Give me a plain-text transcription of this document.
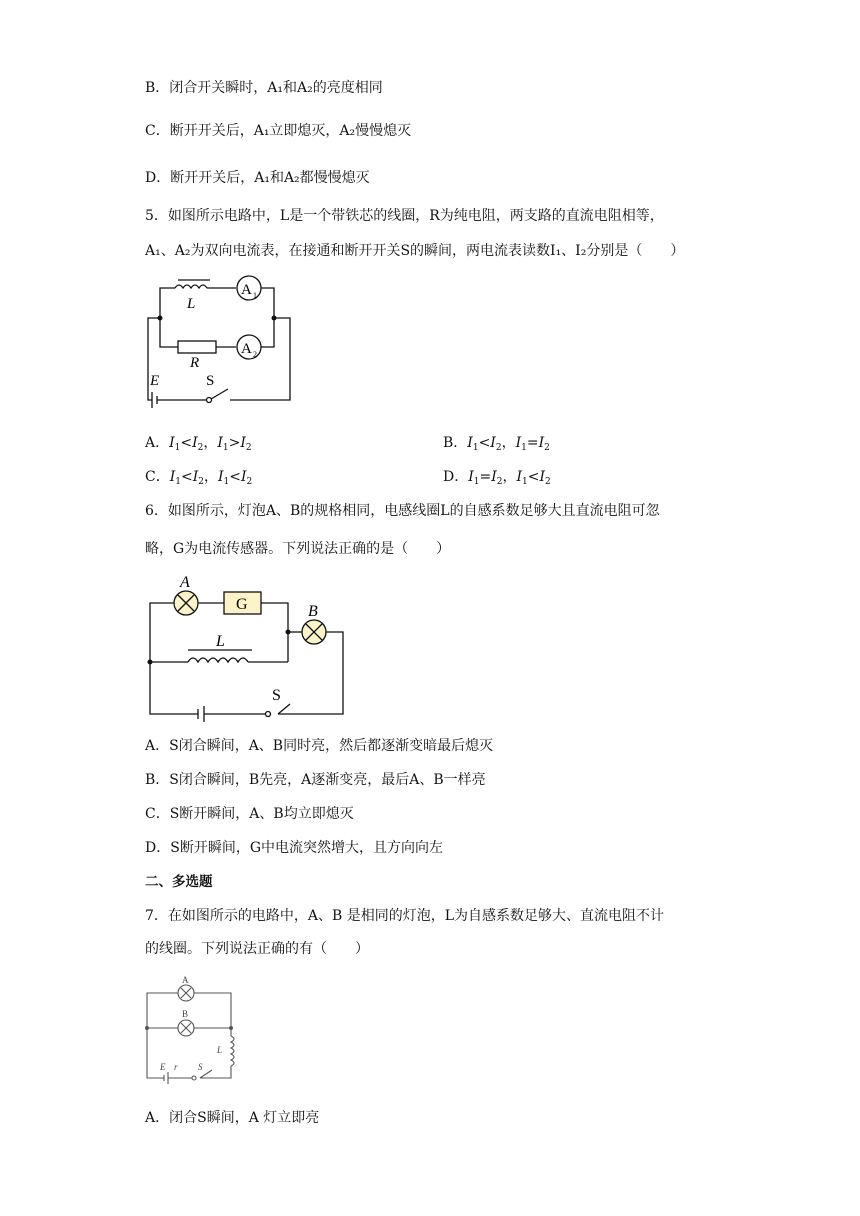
B．闭合开关瞬时，A₁和A₂的亮度相同
C．断开开关后，A₁立即熄灭，A₂慢慢熄灭
D．断开开关后，A₁和A₂都慢慢熄灭
5．如图所示电路中，L是一个带铁芯的线圈，R为纯电阻，两支路的直流电阻相等，
A₁、A₂为双向电流表，在接通和断开开关S的瞬间，两电流表读数I₁、I₂分别是（　　）
L
A 1
A 2
R
E	S
A．$I_1<I_2$，$I_1>I_2$	B．$I_1<I_2$，$I_1=I_2$
C．$I_1<I_2$，$I_1<I_2$	D．$I_1=I_2$，$I_1<I_2$
6．如图所示，灯泡A、B的规格相同，电感线圈L的自感系数足够大且直流电阻可忽
略，G为电流传感器。下列说法正确的是（　　）
A
G	B
L
S
A．S闭合瞬间，A、B同时亮，然后都逐渐变暗最后熄灭
B．S闭合瞬间，B先亮，A逐渐变亮，最后A、B一样亮
C．S断开瞬间，A、B均立即熄灭
D．S断开瞬间，G中电流突然增大，且方向向左
二、多选题
7．在如图所示的电路中，A、B 是相同的灯泡，L为自感系数足够大、直流电阻不计
的线圈。下列说法正确的有（　　）
A
B
L
E r S
A．闭合S瞬间，A 灯立即亮
